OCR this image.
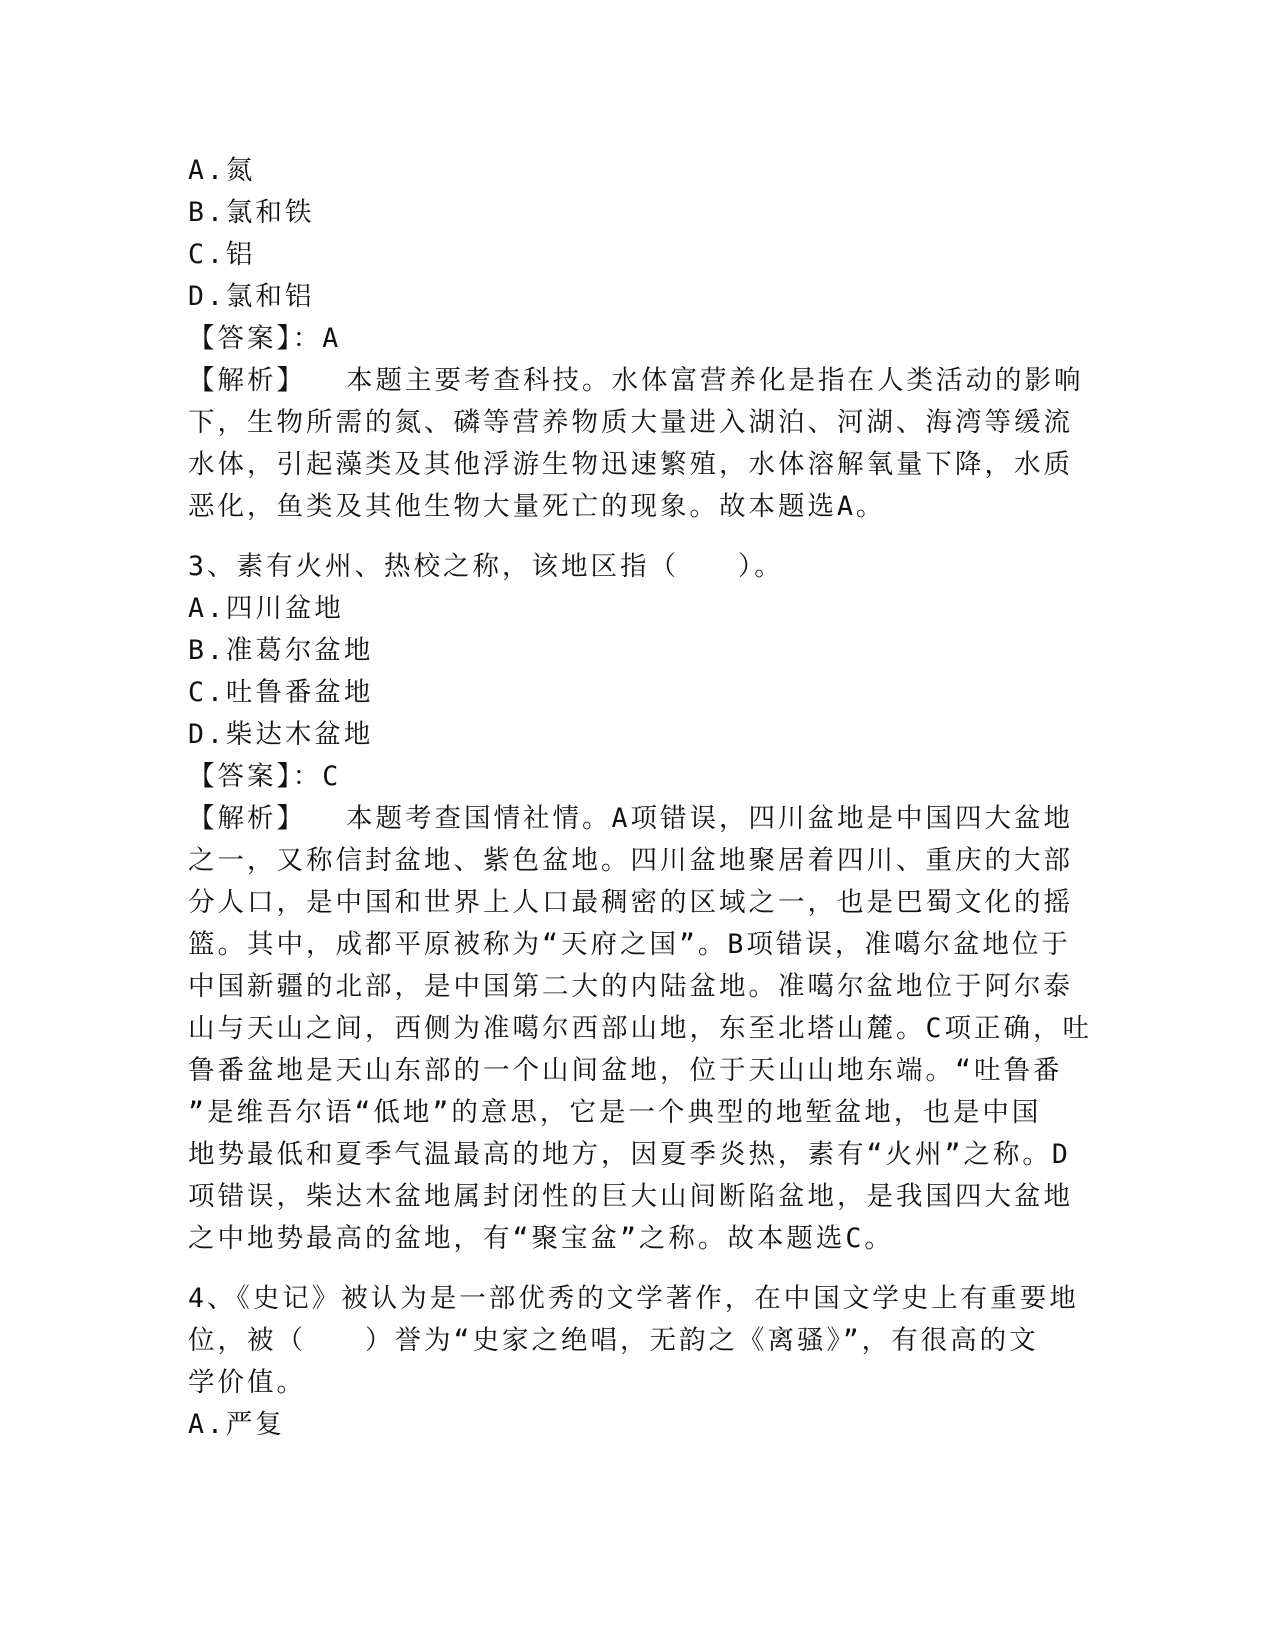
A.氮
B.氯和铁
C.铝
D.氯和铝
【答案】：A
【解析】 本题主要考查科技。水体富营养化是指在人类活动的影响
下，生物所需的氮、磷等营养物质大量进入湖泊、河湖、海湾等缓流
水体，引起藻类及其他浮游生物迅速繁殖，水体溶解氧量下降，水质
恶化，鱼类及其他生物大量死亡的现象。故本题选A。
3、素有火州、热校之称，该地区指（　　）。
A.四川盆地
B.准葛尔盆地
C.吐鲁番盆地
D.柴达木盆地
【答案】：C
【解析】 本题考查国情社情。A项错误，四川盆地是中国四大盆地
之一，又称信封盆地、紫色盆地。四川盆地聚居着四川、重庆的大部
分人口，是中国和世界上人口最稠密的区域之一，也是巴蜀文化的摇
篮。其中，成都平原被称为“天府之国”。B项错误，准噶尔盆地位于
中国新疆的北部，是中国第二大的内陆盆地。准噶尔盆地位于阿尔泰
山与天山之间，西侧为准噶尔西部山地，东至北塔山麓。C项正确，吐
鲁番盆地是天山东部的一个山间盆地，位于天山山地东端。“吐鲁番
”是维吾尔语“低地”的意思，它是一个典型的地堑盆地，也是中国
地势最低和夏季气温最高的地方，因夏季炎热，素有“火州”之称。D
项错误，柴达木盆地属封闭性的巨大山间断陷盆地，是我国四大盆地
之中地势最高的盆地，有“聚宝盆”之称。故本题选C。
4、《史记》被认为是一部优秀的文学著作，在中国文学史上有重要地
位，被（　　）誉为“史家之绝唱，无韵之《离骚》”，有很高的文
学价值。
A.严复
